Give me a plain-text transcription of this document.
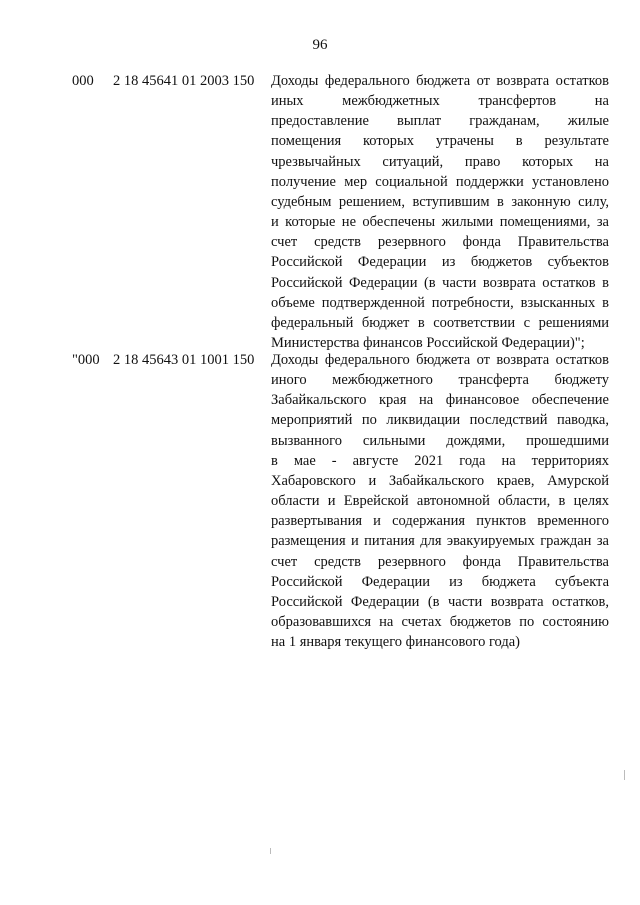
96
000 2 18 45641 01 2003 150 Доходы федерального бюджета от возврата остатков
иных межбюджетных трансфертов на
предоставление выплат гражданам, жилые
помещения которых утрачены в результате
чрезвычайных ситуаций, право которых на
получение мер социальной поддержки установлено
судебным решением, вступившим в законную силу,
и которые не обеспечены жилыми помещениями, за
счет средств резервного фонда Правительства
Российской Федерации из бюджетов субъектов
Российской Федерации (в части возврата остатков в
объеме подтвержденной потребности, взысканных в
федеральный бюджет в соответствии с решениями
Министерства финансов Российской Федерации)";
"000 2 18 45643 01 1001 150 Доходы федерального бюджета от возврата остатков
иного межбюджетного трансферта бюджету
Забайкальского края на финансовое обеспечение
мероприятий по ликвидации последствий паводка,
вызванного сильными дождями, прошедшими
в мае - августе 2021 года на территориях
Хабаровского и Забайкальского краев, Амурской
области и Еврейской автономной области, в целях
развертывания и содержания пунктов временного
размещения и питания для эвакуируемых граждан за
счет средств резервного фонда Правительства
Российской Федерации из бюджета субъекта
Российской Федерации (в части возврата остатков,
образовавшихся на счетах бюджетов по состоянию
на 1 января текущего финансового года)
